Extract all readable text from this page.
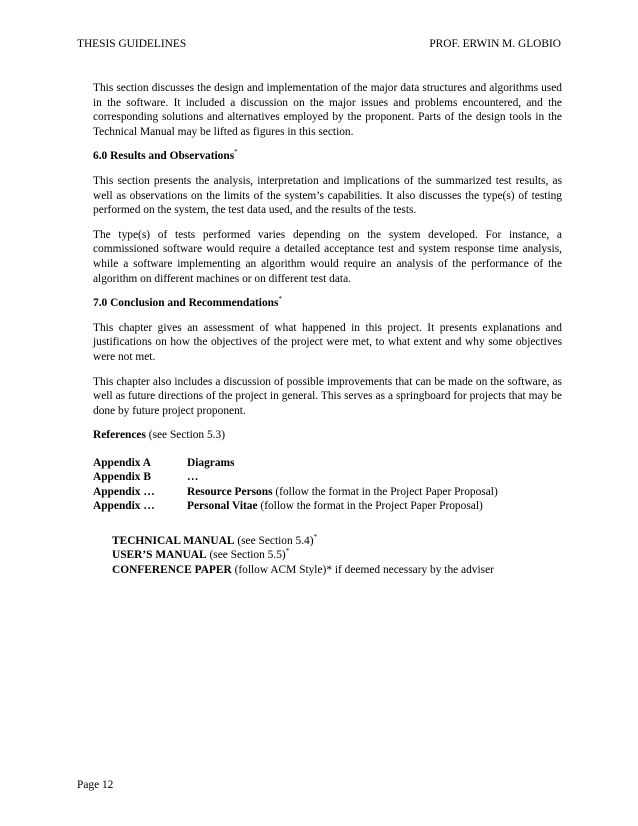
THESIS GUIDELINES	PROF. ERWIN M. GLOBIO

This section discusses the design and implementation of the major data structures and algorithms used in the software. It included a discussion on the major issues and problems encountered, and the corresponding solutions and alternatives employed by the proponent. Parts of the design tools in the Technical Manual may be lifted as figures in this section.

6.0 Results and Observations*

This section presents the analysis, interpretation and implications of the summarized test results, as well as observations on the limits of the system’s capabilities. It also discusses the type(s) of testing performed on the system, the test data used, and the results of the tests.

The type(s) of tests performed varies depending on the system developed. For instance, a commissioned software would require a detailed acceptance test and system response time analysis, while a software implementing an algorithm would require an analysis of the performance of the algorithm on different machines or on different test data.

7.0 Conclusion and Recommendations*

This chapter gives an assessment of what happened in this project. It presents explanations and justifications on how the objectives of the project were met, to what extent and why some objectives were not met.

This chapter also includes a discussion of possible improvements that can be made on the software, as well as future directions of the project in general. This serves as a springboard for projects that may be done by future project proponent.

References (see Section 5.3)
Appendix A	Diagrams
Appendix B	…
Appendix …	Resource Persons (follow the format in the Project Paper Proposal)
Appendix …	Personal Vitae (follow the format in the Project Paper Proposal)
TECHNICAL MANUAL (see Section 5.4)*
USER’S MANUAL (see Section 5.5)*
CONFERENCE PAPER (follow ACM Style)* if deemed necessary by the adviser
Page 12
